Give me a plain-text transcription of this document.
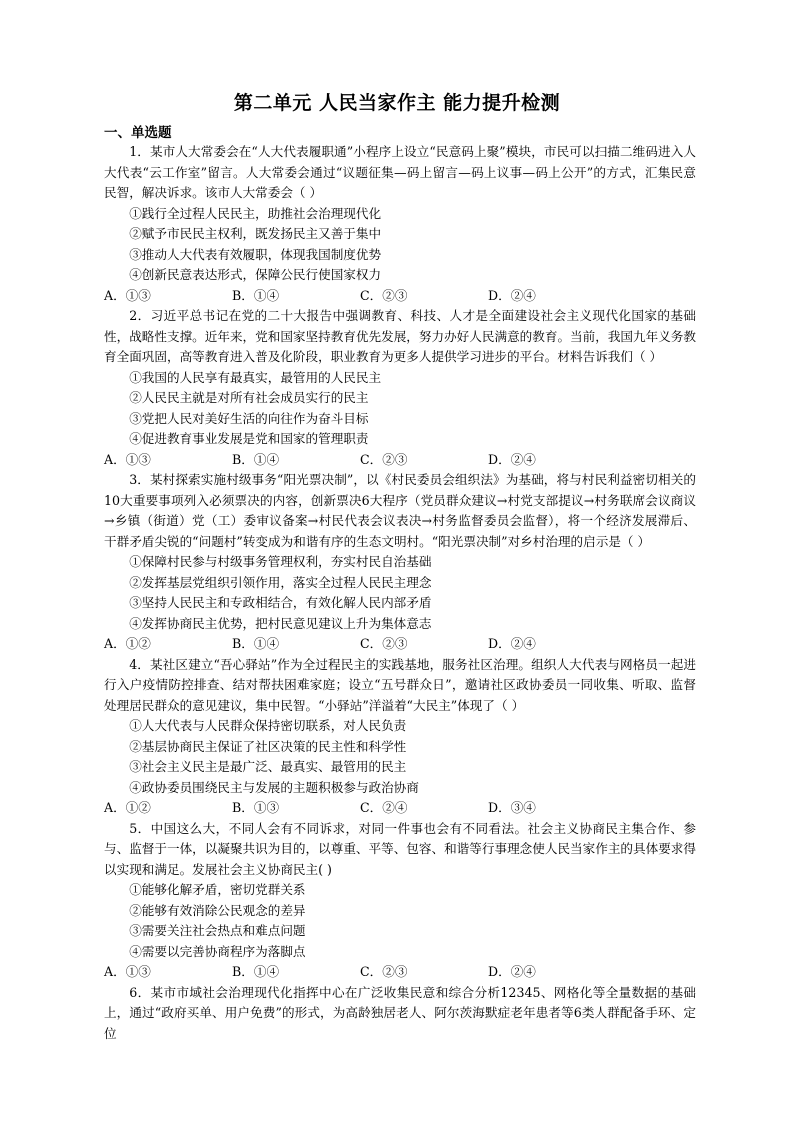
第二单元 人民当家作主 能力提升检测
一、单选题
1．某市人大常委会在“人大代表履职通”小程序上设立“民意码上聚”模块，市民可以扫描二维码进入人大代表“云工作室”留言。人大常委会通过“议题征集—码上留言—码上议事—码上公开”的方式，汇集民意民智，解决诉求。该市人大常委会（ ）
①践行全过程人民民主，助推社会治理现代化
②赋予市民民主权利，既发扬民主又善于集中
③推动人大代表有效履职，体现我国制度优势
④创新民意表达形式，保障公民行使国家权力
A．①③	B．①④	C．②③	D．②④
2．习近平总书记在党的二十大报告中强调教育、科技、人才是全面建设社会主义现代化国家的基础性，战略性支撑。近年来，党和国家坚持教育优先发展，努力办好人民满意的教育。当前，我国九年义务教育全面巩固，高等教育进入普及化阶段，职业教育为更多人提供学习进步的平台。材料告诉我们（ ）
①我国的人民享有最真实，最管用的人民民主
②人民民主就是对所有社会成员实行的民主
③党把人民对美好生活的向往作为奋斗目标
④促进教育事业发展是党和国家的管理职责
A．①③	B．①④	C．②③	D．②④
3．某村探索实施村级事务“阳光票决制”，以《村民委员会组织法》为基础，将与村民利益密切相关的10大重要事项列入必须票决的内容，创新票决6大程序（党员群众建议→村党支部提议→村务联席会议商议→乡镇（街道）党（工）委审议备案→村民代表会议表决→村务监督委员会监督），将一个经济发展滞后、干群矛盾尖锐的“问题村”转变成为和谐有序的生态文明村。“阳光票决制”对乡村治理的启示是（ ）
①保障村民参与村级事务管理权利，夯实村民自治基础
②发挥基层党组织引领作用，落实全过程人民民主理念
③坚持人民民主和专政相结合，有效化解人民内部矛盾
④发挥协商民主优势，把村民意见建议上升为集体意志
A．①②	B．①④	C．②③	D．②④
4．某社区建立“吾心驿站”作为全过程民主的实践基地，服务社区治理。组织人大代表与网格员一起进行入户疫情防控排查、结对帮扶困难家庭；设立“五号群众日”，邀请社区政协委员一同收集、听取、监督处理居民群众的意见建议，集中民智。“小驿站”洋溢着“大民主”体现了（ ）
①人大代表与人民群众保持密切联系，对人民负责
②基层协商民主保证了社区决策的民主性和科学性
③社会主义民主是最广泛、最真实、最管用的民主
④政协委员围绕民主与发展的主题积极参与政治协商
A．①②	B．①③	C．②④	D．③④
5．中国这么大，不同人会有不同诉求，对同一件事也会有不同看法。社会主义协商民主集合作、参与、监督于一体，以凝聚共识为目的，以尊重、平等、包容、和谐等行事理念使人民当家作主的具体要求得以实现和满足。发展社会主义协商民主( )
①能够化解矛盾，密切党群关系
②能够有效消除公民观念的差异
③需要关注社会热点和难点问题
④需要以完善协商程序为落脚点
A．①③	B．①④	C．②③	D．②④
6．某市市域社会治理现代化指挥中心在广泛收集民意和综合分析12345、网格化等全量数据的基础上，通过“政府买单、用户免费”的形式，为高龄独居老人、阿尔茨海默症老年患者等6类人群配备手环、定位
